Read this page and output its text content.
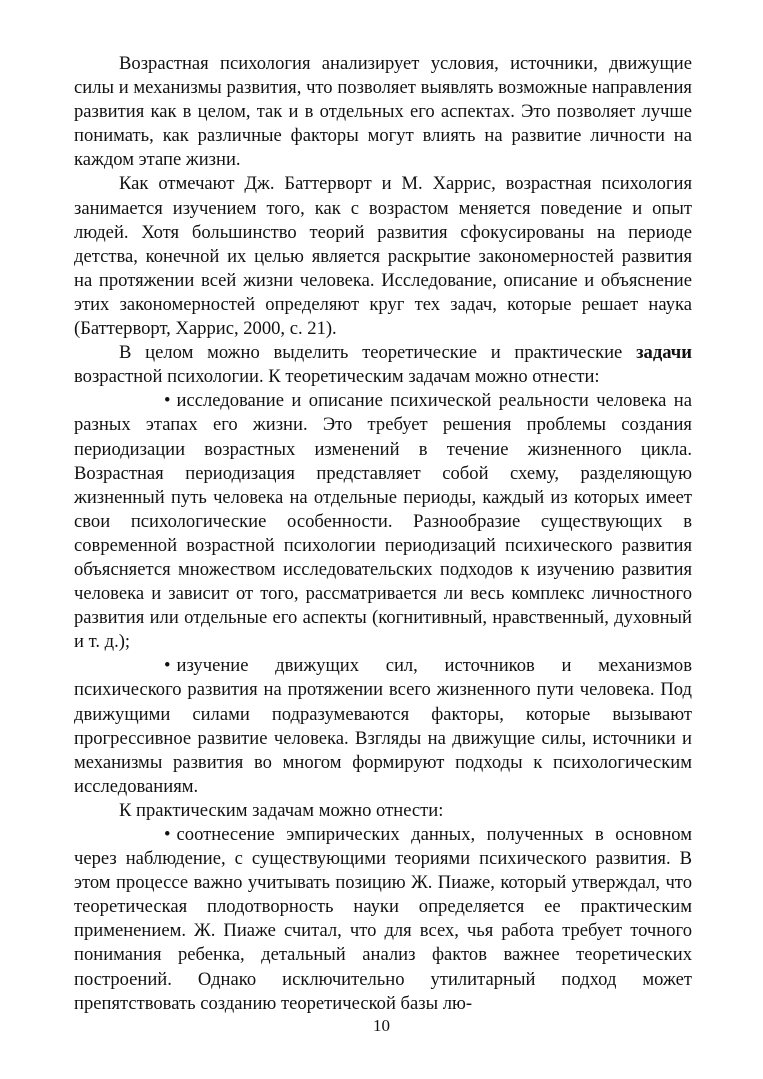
Возрастная психология анализирует условия, источники, движущие силы и механизмы развития, что позволяет выявлять возможные направления развития как в целом, так и в отдельных его аспектах. Это позволяет лучше понимать, как различные факторы могут влиять на развитие личности на каждом этапе жизни.

Как отмечают Дж. Баттерворт и М. Харрис, возрастная психология занимается изучением того, как с возрастом меняется поведение и опыт людей. Хотя большинство теорий развития сфокусированы на периоде детства, конечной их целью является раскрытие закономерностей развития на протяжении всей жизни человека. Исследование, описание и объяснение этих закономерностей определяют круг тех задач, которые решает наука (Баттерворт, Харрис, 2000, с. 21).

В целом можно выделить теоретические и практические задачи возрастной психологии. К теоретическим задачам можно отнести:

• исследование и описание психической реальности человека на разных этапах его жизни. Это требует решения проблемы создания периодизации возрастных изменений в течение жизненного цикла. Возрастная периодизация представляет собой схему, разделяющую жизненный путь человека на отдельные периоды, каждый из которых имеет свои психологические особенности. Разнообразие существующих в современной возрастной психологии периодизаций психического развития объясняется множеством исследовательских подходов к изучению развития человека и зависит от того, рассматривается ли весь комплекс личностного развития или отдельные его аспекты (когнитивный, нравственный, духовный и т. д.);

• изучение движущих сил, источников и механизмов психического развития на протяжении всего жизненного пути человека. Под движущими силами подразумеваются факторы, которые вызывают прогрессивное развитие человека. Взгляды на движущие силы, источники и механизмы развития во многом формируют подходы к психологическим исследованиям.

К практическим задачам можно отнести:

• соотнесение эмпирических данных, полученных в основном через наблюдение, с существующими теориями психического развития. В этом процессе важно учитывать позицию Ж. Пиаже, который утверждал, что теоретическая плодотворность науки определяется ее практическим применением. Ж. Пиаже считал, что для всех, чья работа требует точного понимания ребенка, детальный анализ фактов важнее теоретических построений. Однако исключительно утилитарный подход может препятствовать созданию теоретической базы лю-

10
